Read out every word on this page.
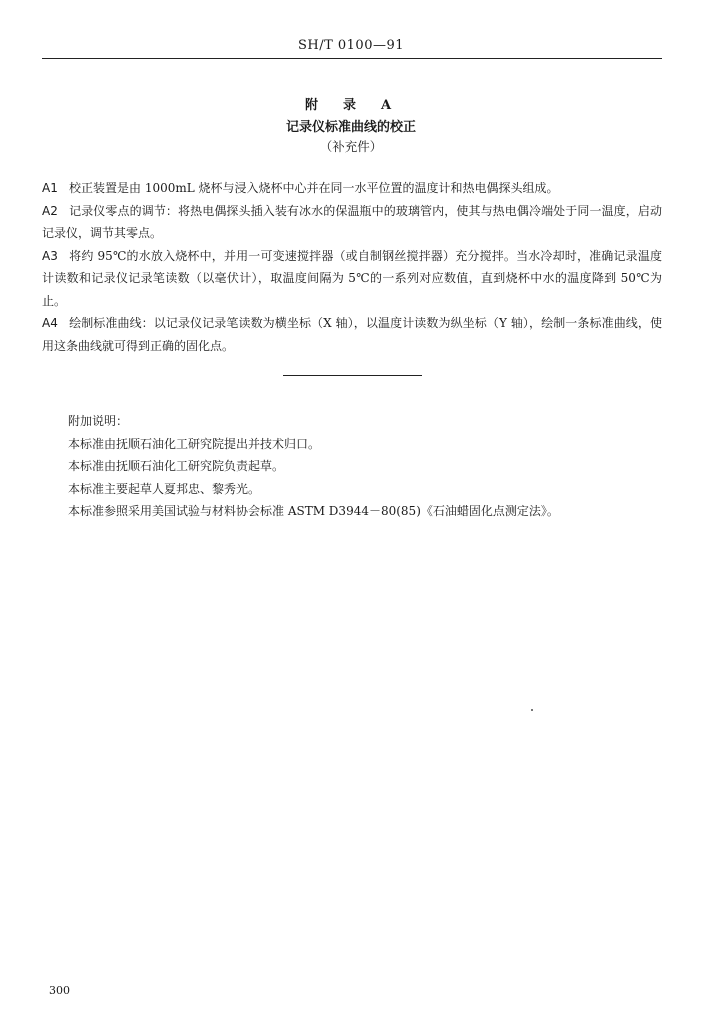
SH/T 0100—91
附　录　A
记录仪标准曲线的校正
（补充件）

A1 校正装置是由 1000mL 烧杯与浸入烧杯中心并在同一水平位置的温度计和热电偶探头组成。

A2 记录仪零点的调节：将热电偶探头插入装有冰水的保温瓶中的玻璃管内，使其与热电偶冷端处于同一温度，启动记录仪，调节其零点。

A3 将约 95℃的水放入烧杯中，并用一可变速搅拌器（或自制钢丝搅拌器）充分搅拌。当水冷却时，准确记录温度计读数和记录仪记录笔读数（以毫伏计），取温度间隔为 5℃的一系列对应数值，直到烧杯中水的温度降到 50℃为止。

A4 绘制标准曲线：以记录仪记录笔读数为横坐标（X 轴），以温度计读数为纵坐标（Y 轴），绘制一条标准曲线，使用这条曲线就可得到正确的固化点。

附加说明：
本标准由抚顺石油化工研究院提出并技术归口。
本标准由抚顺石油化工研究院负责起草。
本标准主要起草人夏邦忠、黎秀光。
本标准参照采用美国试验与材料协会标准 ASTM D3944－80(85)《石油蜡固化点测定法》。
300
